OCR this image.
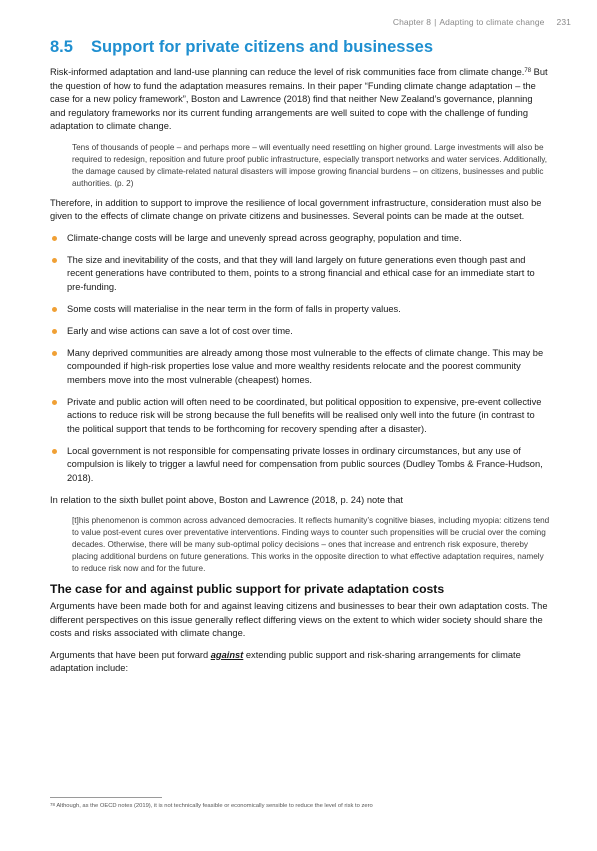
Chapter 8 | Adapting to climate change 231
8.5	Support for private citizens and businesses

Risk-informed adaptation and land-use planning can reduce the level of risk communities face from climate change.$^{78}$ But the question of how to fund the adaptation measures remains. In their paper “Funding climate change adaptation – the case for a new policy framework”, Boston and Lawrence (2018) find that neither New Zealand’s governance, planning and regulatory frameworks nor its current funding arrangements are well suited to cope with the challenge of funding adaptation to climate change.

Tens of thousands of people – and perhaps more – will eventually need resettling on higher ground. Large investments will also be required to redesign, reposition and future proof public infrastructure, especially transport networks and water services. Additionally, the damage caused by climate-related natural disasters will impose growing financial burdens – on citizens, businesses and public authorities. (p. 2)

Therefore, in addition to support to improve the resilience of local government infrastructure, consideration must also be given to the effects of climate change on private citizens and businesses. Several points can be made at the outset.

Climate-change costs will be large and unevenly spread across geography, population and time.
The size and inevitability of the costs, and that they will land largely on future generations even though past and recent generations have contributed to them, points to a strong financial and ethical case for an immediate start to pre-funding.
Some costs will materialise in the near term in the form of falls in property values.
Early and wise actions can save a lot of cost over time.
Many deprived communities are already among those most vulnerable to the effects of climate change. This may be compounded if high-risk properties lose value and more wealthy residents relocate and the poorest community members move into the most vulnerable (cheapest) homes.
Private and public action will often need to be coordinated, but political opposition to expensive, pre-event collective actions to reduce risk will be strong because the full benefits will be realised only well into the future (in contrast to the political support that tends to be forthcoming for recovery spending after a disaster).
Local government is not responsible for compensating private losses in ordinary circumstances, but any use of compulsion is likely to trigger a lawful need for compensation from public sources (Dudley Tombs & France-Hudson, 2018).

In relation to the sixth bullet point above, Boston and Lawrence (2018, p. 24) note that

[t]his phenomenon is common across advanced democracies. It reflects humanity’s cognitive biases, including myopia: citizens tend to value post-event cures over preventative interventions. Finding ways to counter such propensities will be crucial over the coming decades. Otherwise, there will be many sub-optimal policy decisions – ones that increase and entrench risk exposure, thereby placing additional burdens on future generations. This works in the opposite direction to what effective adaptation requires, namely to reduce risk now and for the future.
The case for and against public support for private adaptation costs

Arguments have been made both for and against leaving citizens and businesses to bear their own adaptation costs. The different perspectives on this issue generally reflect differing views on the extent to which wider society should share the costs and risks associated with climate change.

Arguments that have been put forward against extending public support and risk-sharing arrangements for climate adaptation include:

$^{78}$ Although, as the OECD notes (2019), it is not technically feasible or economically sensible to reduce the level of risk to zero
